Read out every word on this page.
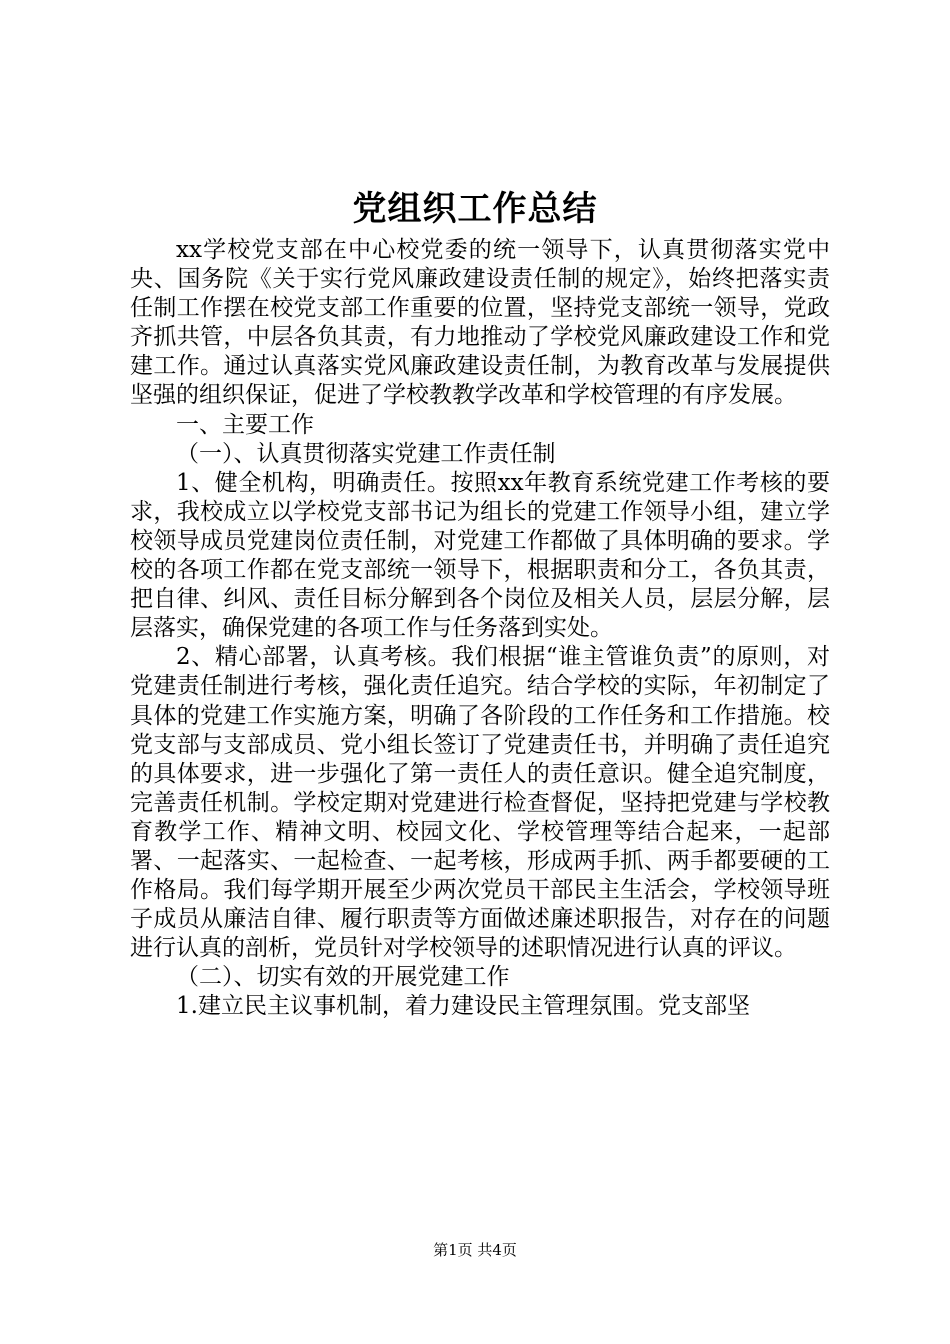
党组织工作总结

xx学校党支部在中心校党委的统一领导下，认真贯彻落实党中央、国务院《关于实行党风廉政建设责任制的规定》，始终把落实责任制工作摆在校党支部工作重要的位置，坚持党支部统一领导，党政齐抓共管，中层各负其责，有力地推动了学校党风廉政建设工作和党建工作。通过认真落实党风廉政建设责任制，为教育改革与发展提供坚强的组织保证，促进了学校教教学改革和学校管理的有序发展。

一、主要工作

（一）、认真贯彻落实党建工作责任制

1、健全机构，明确责任。按照xx年教育系统党建工作考核的要求，我校成立以学校党支部书记为组长的党建工作领导小组，建立学校领导成员党建岗位责任制，对党建工作都做了具体明确的要求。学校的各项工作都在党支部统一领导下，根据职责和分工，各负其责，把自律、纠风、责任目标分解到各个岗位及相关人员，层层分解，层层落实，确保党建的各项工作与任务落到实处。

2、精心部署，认真考核。我们根据“谁主管谁负责”的原则，对党建责任制进行考核，强化责任追究。结合学校的实际，年初制定了具体的党建工作实施方案，明确了各阶段的工作任务和工作措施。校党支部与支部成员、党小组长签订了党建责任书，并明确了责任追究的具体要求，进一步强化了第一责任人的责任意识。健全追究制度，完善责任机制。学校定期对党建进行检查督促，坚持把党建与学校教育教学工作、精神文明、校园文化、学校管理等结合起来，一起部署、一起落实、一起检查、一起考核，形成两手抓、两手都要硬的工作格局。我们每学期开展至少两次党员干部民主生活会，学校领导班子成员从廉洁自律、履行职责等方面做述廉述职报告，对存在的问题进行认真的剖析，党员针对学校领导的述职情况进行认真的评议。

（二）、切实有效的开展党建工作

1.建立民主议事机制，着力建设民主管理氛围。党支部坚

第1页 共4页
